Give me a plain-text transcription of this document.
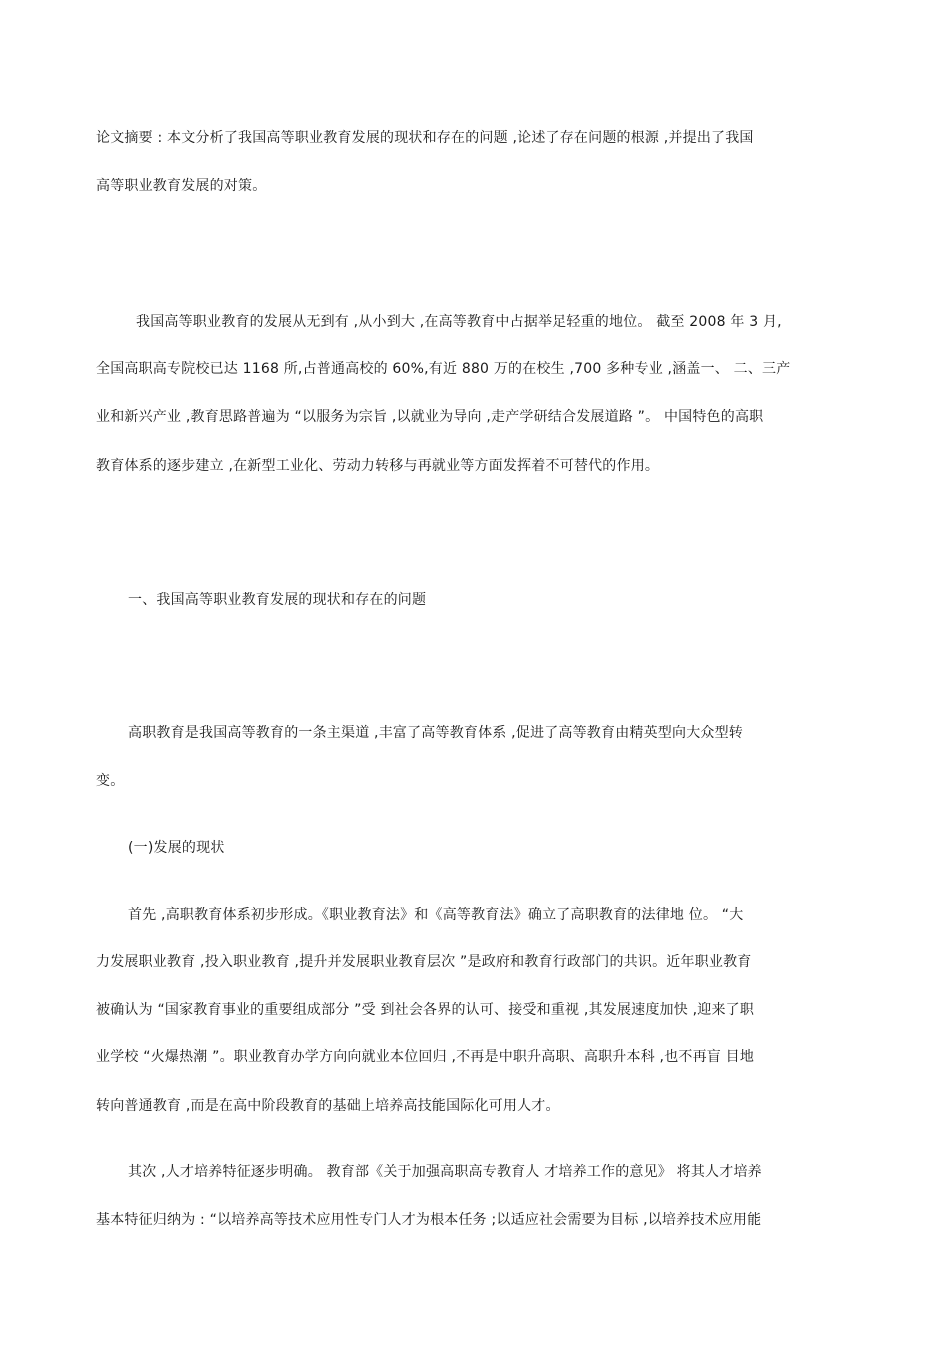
论文摘要 : 本文分析了我国高等职业教育发展的现状和存在的问题 ,论述了存在问题的根源 ,并提出了我国
高等职业教育发展的对策。
我国高等职业教育的发展从无到有 ,从小到大 ,在高等教育中占据举足轻重的地位。 截至 2008 年 3 月,
全国高职高专院校已达 1168 所,占普通高校的 60%,有近 880 万的在校生 ,700 多种专业 ,涵盖一、 二、三产
业和新兴产业 ,教育思路普遍为 “以服务为宗旨 ,以就业为导向 ,走产学研结合发展道路 ”。 中国特色的高职
教育体系的逐步建立 ,在新型工业化、劳动力转移与再就业等方面发挥着不可替代的作用。
一、我国高等职业教育发展的现状和存在的问题
高职教育是我国高等教育的一条主渠道 ,丰富了高等教育体系 ,促进了高等教育由精英型向大众型转
变。
(一)发展的现状
首先 ,高职教育体系初步形成。《职业教育法》和《高等教育法》确立了高职教育的法律地 位。 “大
力发展职业教育 ,投入职业教育 ,提升并发展职业教育层次 ”是政府和教育行政部门的共识。近年职业教育
被确认为 “国家教育事业的重要组成部分 ”受 到社会各界的认可、接受和重视 ,其发展速度加快 ,迎来了职
业学校 “火爆热潮 ”。职业教育办学方向向就业本位回归 ,不再是中职升高职、高职升本科 ,也不再盲 目地
转向普通教育 ,而是在高中阶段教育的基础上培养高技能国际化可用人才。
其次 ,人才培养特征逐步明确。 教育部《关于加强高职高专教育人 才培养工作的意见》 将其人才培养
基本特征归纳为 : “以培养高等技术应用性专门人才为根本任务 ;以适应社会需要为目标 ,以培养技术应用能
